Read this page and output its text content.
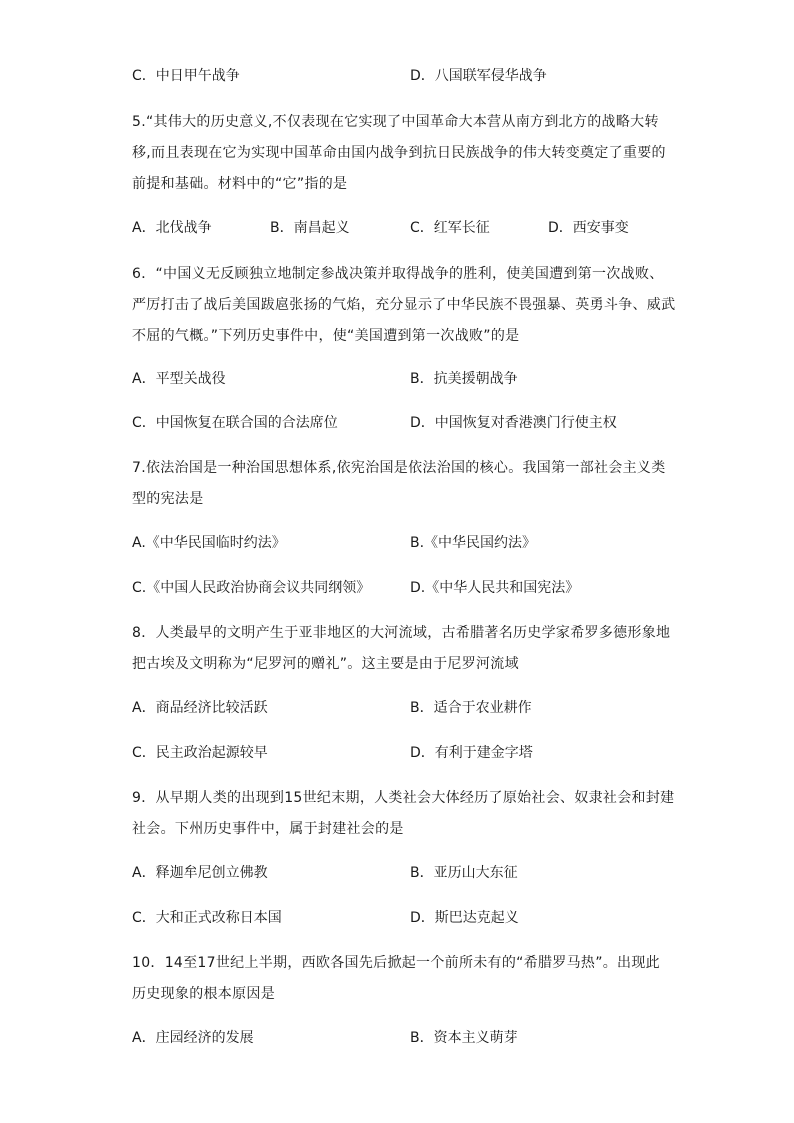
C．中日甲午战争	D．八国联军侵华战争
5.“其伟大的历史意义,不仅表现在它实现了中国革命大本营从南方到北方的战略大转
移,而且表现在它为实现中国革命由国内战争到抗日民族战争的伟大转变奠定了重要的
前提和基础。材料中的“它”指的是
A．北伐战争	B．南昌起义	C．红军长征	D．西安事变
6．“中国义无反顾独立地制定参战决策并取得战争的胜利，使美国遭到第一次战败、
严厉打击了战后美国跋扈张扬的气焰，充分显示了中华民族不畏强暴、英勇斗争、威武
不屈的气概。”下列历史事件中，使“美国遭到第一次战败”的是
A．平型关战役	B．抗美援朝战争
C．中国恢复在联合国的合法席位	D．中国恢复对香港澳门行使主权
7.依法治国是一种治国思想体系,依宪治国是依法治国的核心。我国第一部社会主义类
型的宪法是
A.《中华民国临时约法》	B.《中华民国约法》
C.《中国人民政治协商会议共同纲领》	D.《中华人民共和国宪法》
8．人类最早的文明产生于亚非地区的大河流域，古希腊著名历史学家希罗多德形象地
把古埃及文明称为“尼罗河的赠礼”。这主要是由于尼罗河流域
A．商品经济比较活跃	B．适合于农业耕作
C．民主政治起源较早	D．有利于建金字塔
9．从早期人类的出现到15世纪末期，人类社会大体经历了原始社会、奴隶社会和封建
社会。下州历史事件中，属于封建社会的是
A．释迦牟尼创立佛教	B．亚历山大东征
C．大和正式改称日本国	D．斯巴达克起义
10．14至17世纪上半期，西欧各国先后掀起一个前所未有的“希腊罗马热”。出现此
历史现象的根本原因是
A．庄园经济的发展	B．资本主义萌芽
